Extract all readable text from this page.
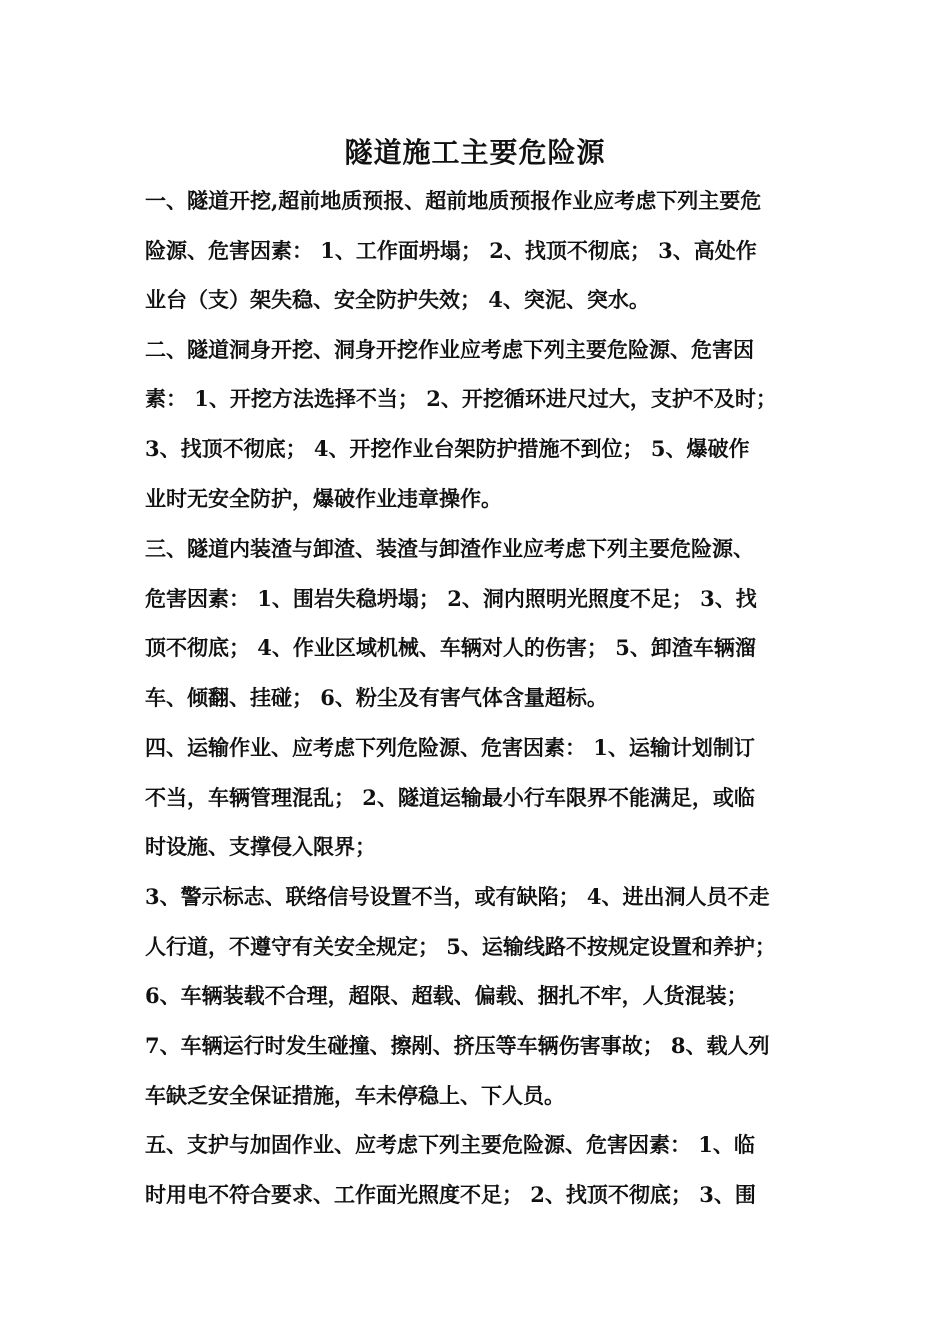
隧道施工主要危险源
一、隧道开挖,超前地质预报、超前地质预报作业应考虑下列主要危
险源、危害因素： 1、工作面坍塌； 2、找顶不彻底； 3、高处作
业台（支）架失稳、安全防护失效； 4、突泥、突水。
二、隧道洞身开挖、洞身开挖作业应考虑下列主要危险源、危害因
素： 1、开挖方法选择不当； 2、开挖循环进尺过大，支护不及时；
3、找顶不彻底； 4、开挖作业台架防护措施不到位； 5、爆破作
业时无安全防护，爆破作业违章操作。
三、隧道内装渣与卸渣、装渣与卸渣作业应考虑下列主要危险源、
危害因素： 1、围岩失稳坍塌； 2、洞内照明光照度不足； 3、找
顶不彻底； 4、作业区域机械、车辆对人的伤害； 5、卸渣车辆溜
车、倾翻、挂碰； 6、粉尘及有害气体含量超标。
四、运输作业、应考虑下列危险源、危害因素： 1、运输计划制订
不当，车辆管理混乱； 2、隧道运输最小行车限界不能满足，或临
时设施、支撑侵入限界；
3、警示标志、联络信号设置不当，或有缺陷； 4、进出洞人员不走
人行道，不遵守有关安全规定； 5、运输线路不按规定设置和养护；
6、车辆装载不合理，超限、超载、偏载、捆扎不牢，人货混装；
7、车辆运行时发生碰撞、擦剐、挤压等车辆伤害事故； 8、载人列
车缺乏安全保证措施，车未停稳上、下人员。
五、支护与加固作业、应考虑下列主要危险源、危害因素： 1、临
时用电不符合要求、工作面光照度不足； 2、找顶不彻底； 3、围
